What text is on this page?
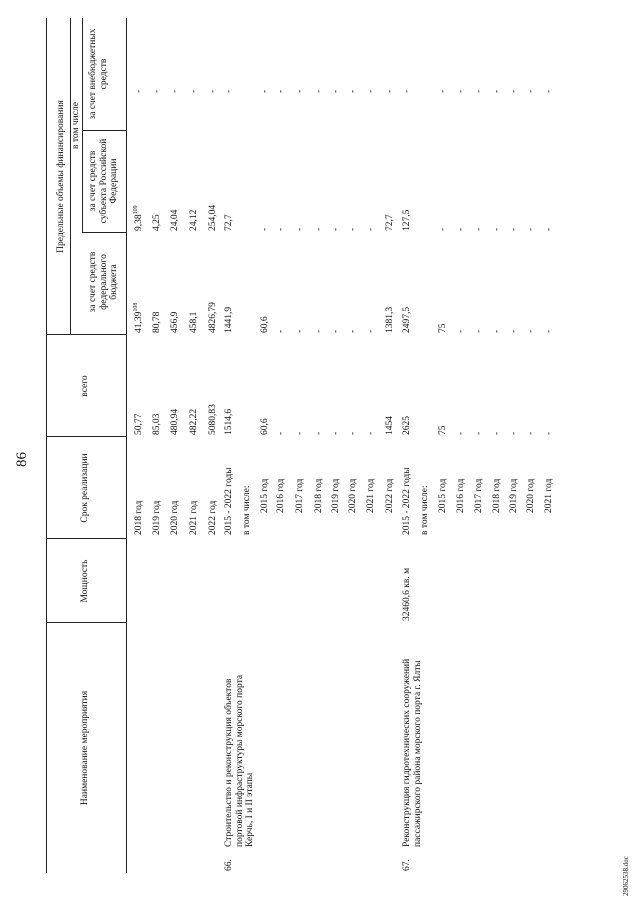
86
Наименование мероприятия
Мощность
Срок реализации
всего
Предельные объемы финансирования в том числе
за счет средств федерального бюджета
за счет средств субъекта Российской Федерации
за счет внебюджетных средств
2018 год
50,77
41,39$^{108}$
9,38$^{109}$
-
2019 год
85,03
80,78
4,25
-
2020 год
480,94
456,9
24,04
-
2021 год
482,22
458,1
24,12
-
2022 год
5080,83
4826,79
254,04
-
66.
Строительство и реконструкция объектов портовой инфраструктуры морского порта Керчь, I и II этапы
2015 - 2022 годы
1514,6
1441,9
72,7
-
в том числе: 2015 год
60,6
60,6
-
-
2016 год
-
-
-
-
2017 год
-
-
-
-
2018 год
-
-
-
-
2019 год
-
-
-
-
2020 год
-
-
-
-
2021 год
-
-
-
-
2022 год
1454
1381,3
72,7
-
67.
Реконструкция гидротехнических сооружений пассажирского района морского порта г. Ялты
32460,6 кв. м
2015 - 2022 годы
2625
2497,5
127,5
-
в том числе: 2015 год
75
75
-
-
2016 год
-
-
-
-
2017 год
-
-
-
-
2018 год
-
-
-
-
2019 год
-
-
-
-
2020 год
-
-
-
-
2021 год
-
-
-
-
29062538.doc
